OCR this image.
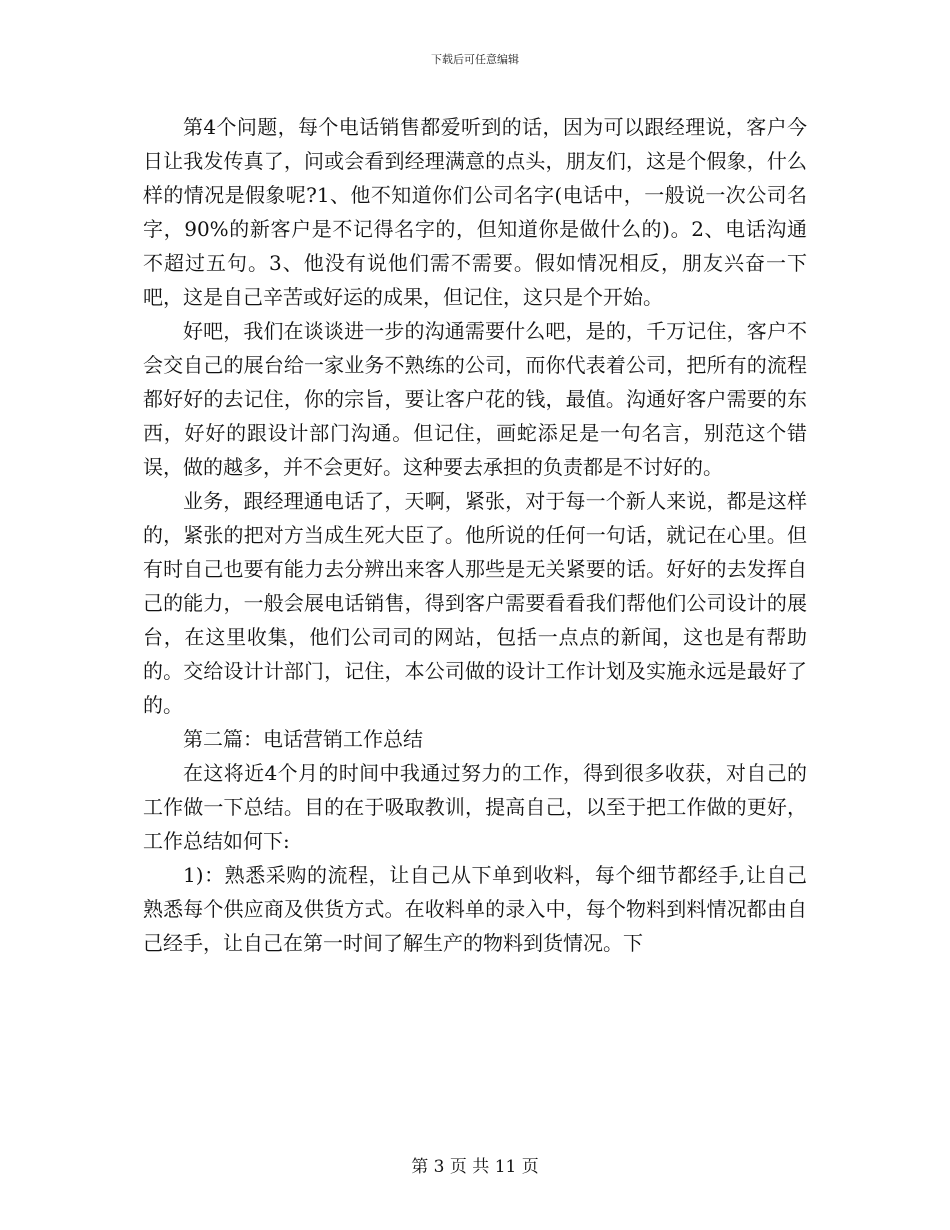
下载后可任意编辑

第4个问题，每个电话销售都爱听到的话，因为可以跟经理说，客户今日让我发传真了，问或会看到经理满意的点头，朋友们，这是个假象，什么样的情况是假象呢?1、他不知道你们公司名字(电话中，一般说一次公司名字，90%的新客户是不记得名字的，但知道你是做什么的)。2、电话沟通不超过五句。3、他没有说他们需不需要。假如情况相反，朋友兴奋一下吧，这是自己辛苦或好运的成果，但记住，这只是个开始。

好吧，我们在谈谈进一步的沟通需要什么吧，是的，千万记住，客户不会交自己的展台给一家业务不熟练的公司，而你代表着公司，把所有的流程都好好的去记住，你的宗旨，要让客户花的钱，最值。沟通好客户需要的东西，好好的跟设计部门沟通。但记住，画蛇添足是一句名言，别范这个错误，做的越多，并不会更好。这种要去承担的负责都是不讨好的。

业务，跟经理通电话了，天啊，紧张，对于每一个新人来说，都是这样的，紧张的把对方当成生死大臣了。他所说的任何一句话，就记在心里。但有时自己也要有能力去分辨出来客人那些是无关紧要的话。好好的去发挥自己的能力，一般会展电话销售，得到客户需要看看我们帮他们公司设计的展台，在这里收集，他们公司司的网站，包括一点点的新闻，这也是有帮助的。交给设计计部门，记住，本公司做的设计工作计划及实施永远是最好了的。

第二篇：电话营销工作总结

在这将近4个月的时间中我通过努力的工作，得到很多收获，对自己的工作做一下总结。目的在于吸取教训，提高自己，以至于把工作做的更好，工作总结如何下:

1)：熟悉采购的流程，让自己从下单到收料，每个细节都经手,让自己熟悉每个供应商及供货方式。在收料单的录入中，每个物料到料情况都由自己经手，让自己在第一时间了解生产的物料到货情况。下

第 3 页 共 11 页
